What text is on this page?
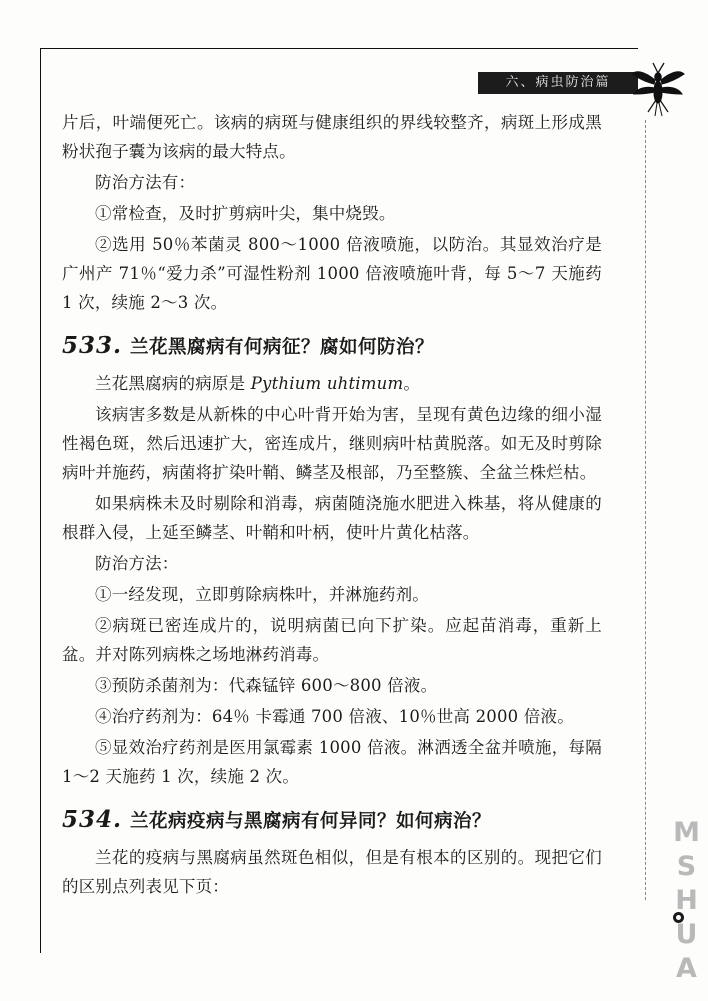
六、病虫防治篇

片后，叶端便死亡。该病的病斑与健康组织的界线较整齐，病斑上形成黑粉状孢子囊为该病的最大特点。

防治方法有：

①常检查，及时扩剪病叶尖，集中烧毁。

②选用 50％苯菌灵 800～1000 倍液喷施，以防治。其显效治疗是广州产 71％“爱力杀”可湿性粉剂 1000 倍液喷施叶背，每 5～7 天施药 1 次，续施 2～3 次。

533. 兰花黑腐病有何病征？腐如何防治？

兰花黑腐病的病原是 Pythium uhtimum。

该病害多数是从新株的中心叶背开始为害，呈现有黄色边缘的细小湿性褐色斑，然后迅速扩大，密连成片，继则病叶枯黄脱落。如无及时剪除病叶并施药，病菌将扩染叶鞘、鳞茎及根部，乃至整簇、全盆兰株烂枯。

如果病株未及时剔除和消毒，病菌随浇施水肥进入株基，将从健康的根群入侵，上延至鳞茎、叶鞘和叶柄，使叶片黄化枯落。

防治方法：

①一经发现，立即剪除病株叶，并淋施药剂。

②病斑已密连成片的，说明病菌已向下扩染。应起苗消毒，重新上盆。并对陈列病株之场地淋药消毒。

③预防杀菌剂为：代森锰锌 600～800 倍液。

④治疗药剂为：64％ 卡霉通 700 倍液、10％世高 2000 倍液。

⑤显效治疗药剂是医用氯霉素 1000 倍液。淋洒透全盆并喷施，每隔 1～2 天施药 1 次，续施 2 次。

534. 兰花病疫病与黑腐病有何异同？如何病治？

兰花的疫病与黑腐病虽然斑色相似，但是有根本的区别的。现把它们的区别点列表见下页：	MSHUA
